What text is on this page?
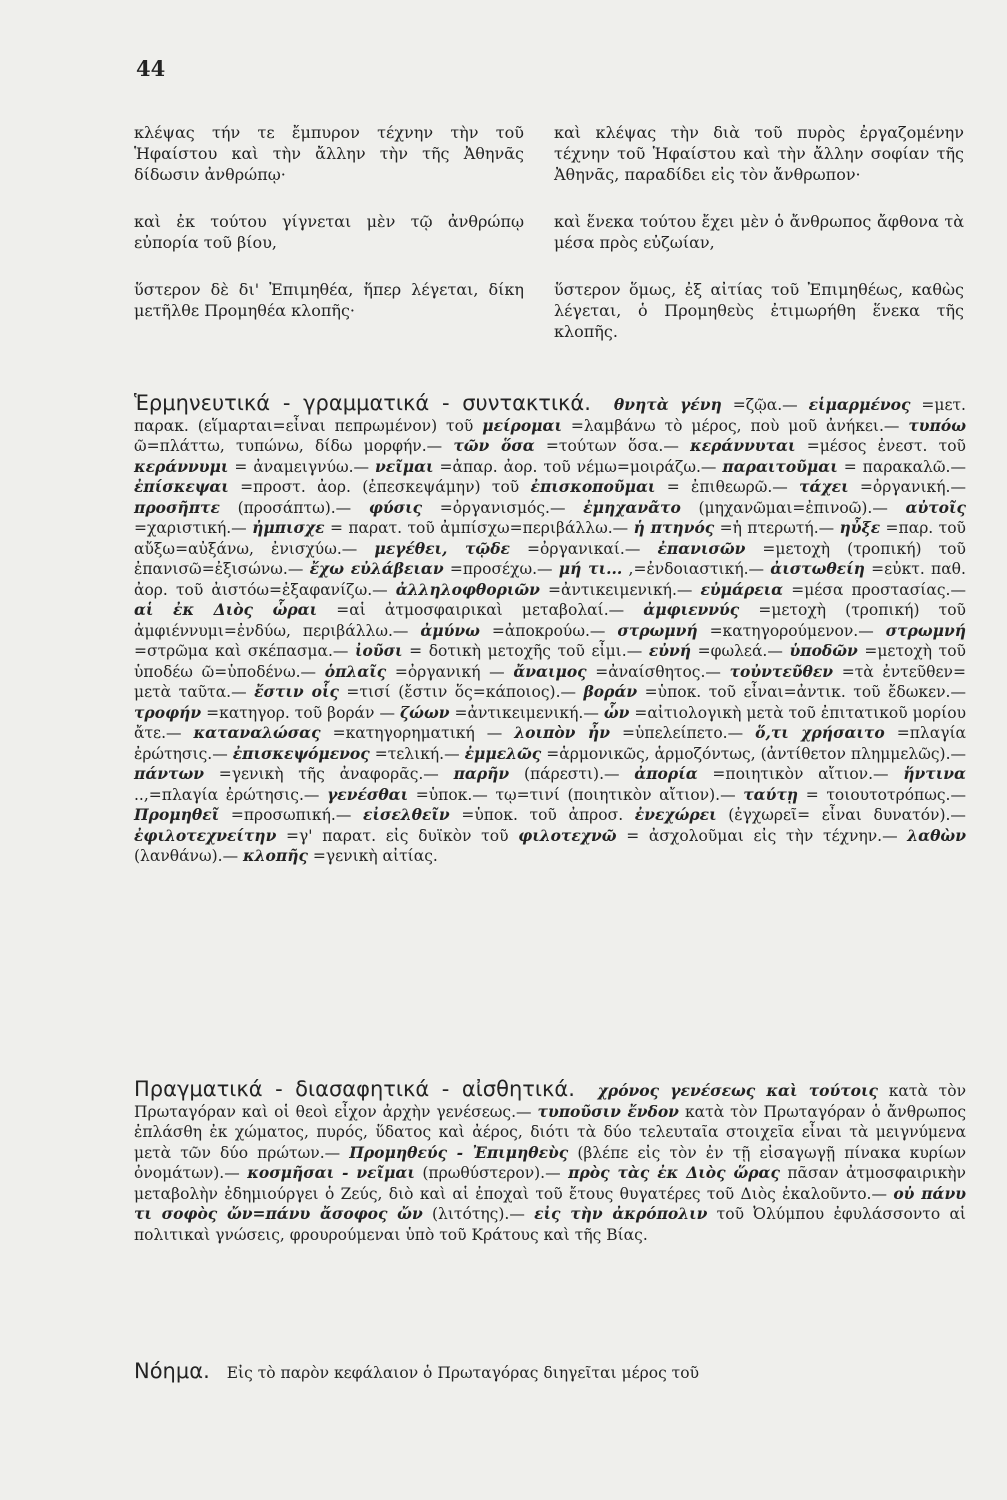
44
κλέψας τήν τε ἔμπυρον τέχνην τὴν τοῦ Ἡφαίστου καὶ τὴν ἄλλην τὴν τῆς Ἀθηνᾶς δίδωσιν ἀνθρώπῳ·
καὶ κλέψας τὴν διὰ τοῦ πυρὸς ἐργαζομένην τέχνην τοῦ Ἡφαίστου καὶ τὴν ἄλλην σοφίαν τῆς Ἀθηνᾶς, παραδίδει εἰς τὸν ἄνθρωπον·
καὶ ἐκ τούτου γίγνεται μὲν τῷ ἀνθρώπῳ εὐπορία τοῦ βίου,
καὶ ἕνεκα τούτου ἔχει μὲν ὁ ἄνθρωπος ἄφθονα τὰ μέσα πρὸς εὐζωίαν,
ὕστερον δὲ δι' Ἐπιμηθέα, ἥπερ λέγεται, δίκη μετῆλθε Προμηθέα κλοπῆς·
ὕστερον ὅμως, ἐξ αἰτίας τοῦ Ἐπιμηθέως, καθὼς λέγεται, ὁ Προμηθεὺς ἐτιμωρήθη ἕνεκα τῆς κλοπῆς.
Ἑρμηνευτικά - γραμματικά - συντακτικά. θνητὰ γένη =ζῷα.— εἱμαρμένος =μετ. παρακ. (εἵμαρται=εἶναι πεπρωμένον) τοῦ μείρομαι =λαμβάνω τὸ μέρος, ποὺ μοῦ ἀνήκει.— τυπόω ῶ=πλάττω, τυπώνω, δίδω μορφήν.— τῶν ὅσα =τούτων ὅσα.— κεράννυται =μέσος ἐνεστ. τοῦ κεράννυμι = ἀναμειγνύω.— νεῖμαι =ἀπαρ. ἀορ. τοῦ νέμω=μοιράζω.— παραιτοῦμαι = παρακαλῶ.— ἐπίσκεψαι =προστ. ἀορ. (ἐπεσκεψάμην) τοῦ ἐπισκοποῦμαι = ἐπιθεωρῶ.— τάχει =ὀργανική.— προσῆπτε (προσάπτω).— φύσις =ὀργανισμός.— ἐμηχανᾶτο (μηχανῶμαι=ἐπινοῶ).— αὐτοῖς =χαριστική.— ἠμπισχε = παρατ. τοῦ ἀμπίσχω=περιβάλλω.— ἡ πτηνός =ἡ πτερωτή.— ηὖξε =παρ. τοῦ αὔξω=αὐξάνω, ἐνισχύω.— μεγέθει, τῷδε =ὀργανικαί.— ἐπανισῶν =μετοχὴ (τροπική) τοῦ ἐπανισῶ=ἐξισώνω.— ἔχω εὐλάβειαν =προσέχω.— μή τι... ,=ἐνδοιαστική.— ἀιστωθείη =εὐκτ. παθ. ἀορ. τοῦ ἀιστόω=ἐξαφανίζω.— ἀλληλοφθοριῶν =ἀντικειμενική.— εὐμάρεια =μέσα προστασίας.— αἱ ἐκ Διὸς ὧραι =αἱ ἀτμοσφαιρικαὶ μεταβολαί.— ἀμφιεννύς =μετοχὴ (τροπική) τοῦ ἀμφιέννυμι=ἐνδύω, περιβάλλω.— ἀμύνω =ἀποκρούω.— στρωμνή =κατηγορούμενον.— στρωμνή =στρῶμα καὶ σκέπασμα.— ἰοῦσι = δοτικὴ μετοχῆς τοῦ εἶμι.— εὐνή =φωλεά.— ὑποδῶν =μετοχὴ τοῦ ὑποδέω ῶ=ὑποδένω.— ὁπλαῖς =ὀργανική — ἄναιμος =ἀναίσθητος.— τοὐντεῦθεν =τὰ ἐντεῦθεν= μετὰ ταῦτα.— ἔστιν οἷς =τισί (ἔστιν ὅς=κάποιος).— βοράν =ὑποκ. τοῦ εἶναι=ἀντικ. τοῦ ἔδωκεν.— τροφήν =κατηγορ. τοῦ βοράν — ζώων =ἀντικειμενική.— ὧν =αἰτιολογικὴ μετὰ τοῦ ἐπιτατικοῦ μορίου ἄτε.— καταναλώσας =κατηγορηματική — λοιπὸν ἦν =ὑπελείπετο.— ὅ,τι χρήσαιτο =πλαγία ἐρώτησις.— ἐπισκεψόμενος =τελική.— ἐμμελῶς =ἁρμονικῶς, ἁρμοζόντως, (ἀντίθετον πλημμελῶς).— πάντων =γενικὴ τῆς ἀναφορᾶς.— παρῆν (πάρεστι).— ἀπορία =ποιητικὸν αἴτιον.— ἥντινα ..,=πλαγία ἐρώτησις.— γενέσθαι =ὑποκ.— τῳ=τινί (ποιητικὸν αἴτιον).— ταύτῃ = τοιουτοτρόπως.— Προμηθεῖ =προσωπική.— εἰσελθεῖν =ὑποκ. τοῦ ἀπροσ. ἐνεχώρει (ἐγχωρεῖ= εἶναι δυνατόν).— ἐφιλοτεχνείτην =γ' παρατ. εἰς δυϊκὸν τοῦ φιλοτεχνῶ = ἀσχολοῦμαι εἰς τὴν τέχνην.— λαθὼν (λανθάνω).— κλοπῆς =γενικὴ αἰτίας.
Πραγματικά - διασαφητικά - αἰσθητικά. χρόνος γενέσεως καὶ τούτοις κατὰ τὸν Πρωταγόραν καὶ οἱ θεοὶ εἶχον ἀρχὴν γενέσεως.— τυποῦσιν ἔνδον κατὰ τὸν Πρωταγόραν ὁ ἄνθρωπος ἐπλάσθη ἐκ χώματος, πυρός, ὕδατος καὶ ἀέρος, διότι τὰ δύο τελευταῖα στοιχεῖα εἶναι τὰ μειγνύμενα μετὰ τῶν δύο πρώτων.— Προμηθεύς - Ἐπιμηθεὺς (βλέπε εἰς τὸν ἐν τῇ εἰσαγωγῇ πίνακα κυρίων ὀνομάτων).— κοσμῆσαι - νεῖμαι (πρωθύστερον).— πρὸς τὰς ἐκ Διὸς ὥρας πᾶσαν ἀτμοσφαιρικὴν μεταβολὴν ἐδημιούργει ὁ Ζεύς, διὸ καὶ αἱ ἐποχαὶ τοῦ ἔτους θυγατέρες τοῦ Διὸς ἐκαλοῦντο.— οὐ πάνυ τι σοφὸς ὤν=πάνυ ἄσοφος ὤν (λιτότης).— εἰς τὴν ἀκρόπολιν τοῦ Ὀλύμπου ἐφυλάσσοντο αἱ πολιτικαὶ γνώσεις, φρουρούμεναι ὑπὸ τοῦ Κράτους καὶ τῆς Βίας.
Νόημα. Εἰς τὸ παρὸν κεφάλαιον ὁ Πρωταγόρας διηγεῖται μέρος τοῦ
